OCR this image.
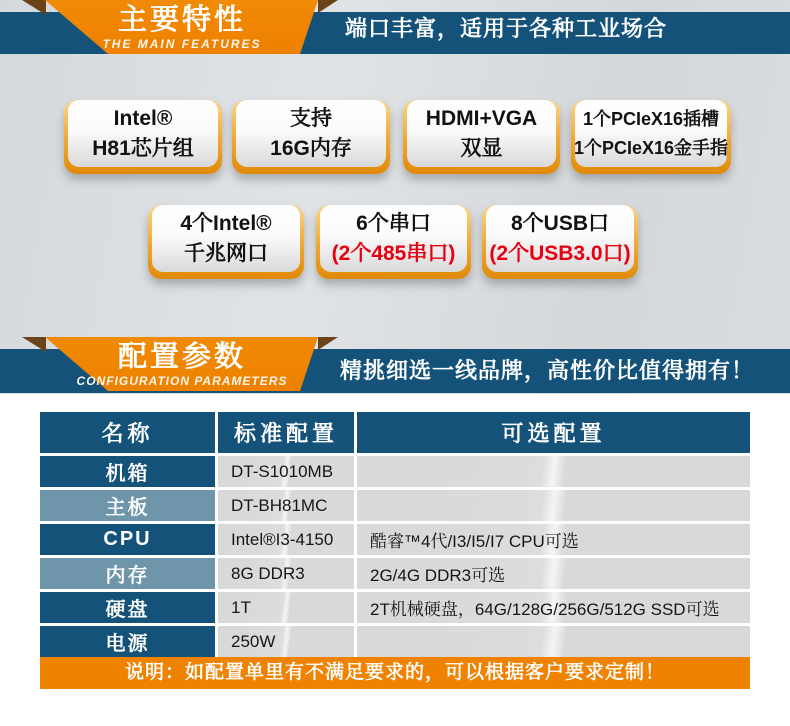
端口丰富，适用于各种工业场合
主要特性
THE MAIN FEATURES
Intel®
H81芯片组
支持
16G内存
HDMI+VGA
双显
1个PCIeX16插槽
1个PCIeX16金手指
4个Intel®
千兆网口
6个串口
(2个485串口)
8个USB口
(2个USB3.0口)
精挑细选一线品牌，高性价比值得拥有！
配置参数
CONFIGURATION PARAMETERS
名称	标准配置	可选配置
机箱	DT-S1010MB
主板	DT-BH81MC
CPU	Intel®I3-4150	酷睿™4代/I3/I5/I7 CPU可选
内存	8G DDR3	2G/4G DDR3可选
硬盘	1T	2T机械硬盘，64G/128G/256G/512G SSD可选
电源	250W
说明：如配置单里有不满足要求的，可以根据客户要求定制！
